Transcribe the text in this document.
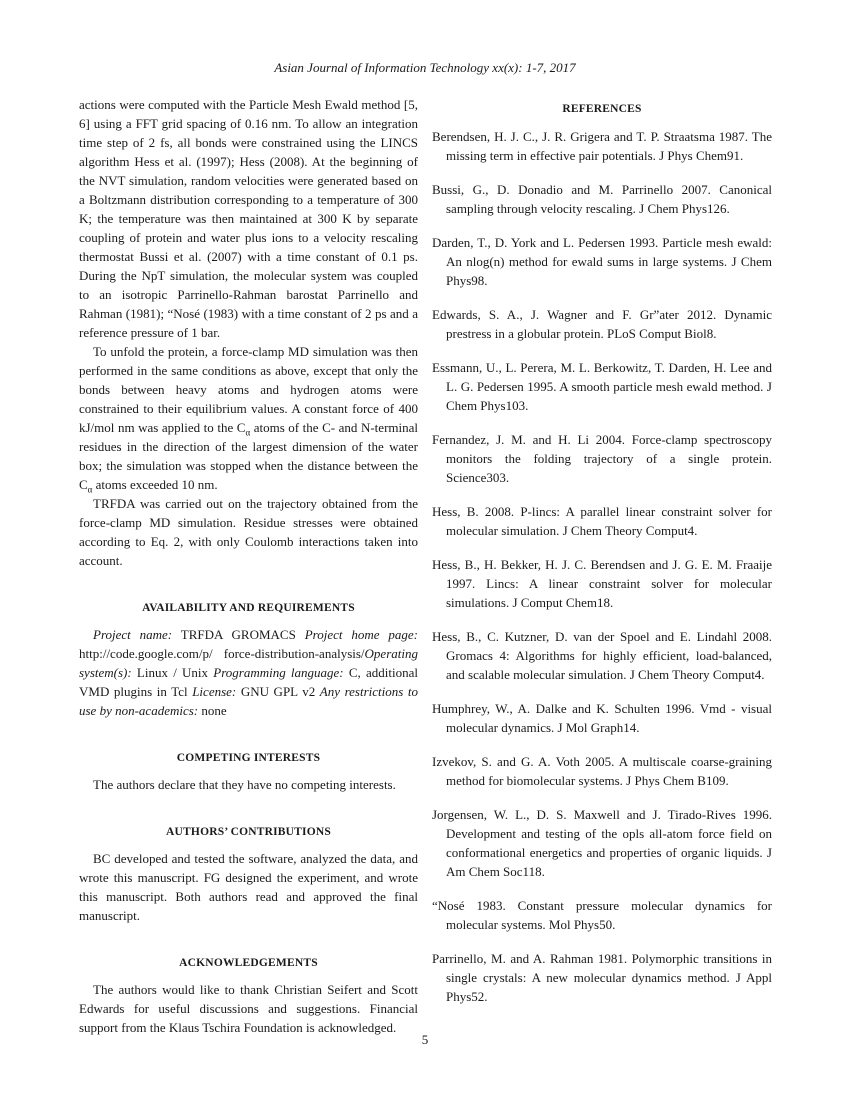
Asian Journal of Information Technology xx(x): 1-7, 2017

actions were computed with the Particle Mesh Ewald method [5, 6] using a FFT grid spacing of 0.16 nm. To allow an integration time step of 2 fs, all bonds were constrained using the LINCS algorithm Hess et al. (1997); Hess (2008). At the beginning of the NVT simulation, random velocities were generated based on a Boltzmann distribution corresponding to a temperature of 300 K; the temperature was then maintained at 300 K by separate coupling of protein and water plus ions to a velocity rescaling thermostat Bussi et al. (2007) with a time constant of 0.1 ps. During the NpT simulation, the molecular system was coupled to an isotropic Parrinello-Rahman barostat Parrinello and Rahman (1981); “Nosé (1983) with a time constant of 2 ps and a reference pressure of 1 bar.

To unfold the protein, a force-clamp MD simulation was then performed in the same conditions as above, except that only the bonds between heavy atoms and hydrogen atoms were constrained to their equilibrium values. A constant force of 400 kJ/mol nm was applied to the $C_\alpha$ atoms of the C- and N-terminal residues in the direction of the largest dimension of the water box; the simulation was stopped when the distance between the $C_\alpha$ atoms exceeded 10 nm.

TRFDA was carried out on the trajectory obtained from the force-clamp MD simulation. Residue stresses were obtained according to Eq. 2, with only Coulomb interactions taken into account.

AVAILABILITY AND REQUIREMENTS

Project name: TRFDA GROMACS Project home page: http://code.google.com/p/ force-distribution-analysis/Operating system(s): Linux / Unix Programming language: C, additional VMD plugins in Tcl License: GNU GPL v2 Any restrictions to use by non-academics: none

COMPETING INTERESTS

The authors declare that they have no competing interests.

AUTHORS’ CONTRIBUTIONS

BC developed and tested the software, analyzed the data, and wrote this manuscript. FG designed the experiment, and wrote this manuscript. Both authors read and approved the final manuscript.

ACKNOWLEDGEMENTS

The authors would like to thank Christian Seifert and Scott Edwards for useful discussions and suggestions. Financial support from the Klaus Tschira Foundation is acknowledged.

REFERENCES
Berendsen, H. J. C., J. R. Grigera and T. P. Straatsma 1987. The missing term in effective pair potentials. J Phys Chem91.
Bussi, G., D. Donadio and M. Parrinello 2007. Canonical sampling through velocity rescaling. J Chem Phys126.
Darden, T., D. York and L. Pedersen 1993. Particle mesh ewald: An nlog(n) method for ewald sums in large systems. J Chem Phys98.
Edwards, S. A., J. Wagner and F. Gr”ater 2012. Dynamic prestress in a globular protein. PLoS Comput Biol8.
Essmann, U., L. Perera, M. L. Berkowitz, T. Darden, H. Lee and L. G. Pedersen 1995. A smooth particle mesh ewald method. J Chem Phys103.
Fernandez, J. M. and H. Li 2004. Force-clamp spectroscopy monitors the folding trajectory of a single protein. Science303.
Hess, B. 2008. P-lincs: A parallel linear constraint solver for molecular simulation. J Chem Theory Comput4.
Hess, B., H. Bekker, H. J. C. Berendsen and J. G. E. M. Fraaije 1997. Lincs: A linear constraint solver for molecular simulations. J Comput Chem18.
Hess, B., C. Kutzner, D. van der Spoel and E. Lindahl 2008. Gromacs 4: Algorithms for highly efficient, load-balanced, and scalable molecular simulation. J Chem Theory Comput4.
Humphrey, W., A. Dalke and K. Schulten 1996. Vmd - visual molecular dynamics. J Mol Graph14.
Izvekov, S. and G. A. Voth 2005. A multiscale coarse-graining method for biomolecular systems. J Phys Chem B109.
Jorgensen, W. L., D. S. Maxwell and J. Tirado-Rives 1996. Development and testing of the opls all-atom force field on conformational energetics and properties of organic liquids. J Am Chem Soc118.
“Nosé 1983. Constant pressure molecular dynamics for molecular systems. Mol Phys50.
Parrinello, M. and A. Rahman 1981. Polymorphic transitions in single crystals: A new molecular dynamics method. J Appl Phys52.
5
